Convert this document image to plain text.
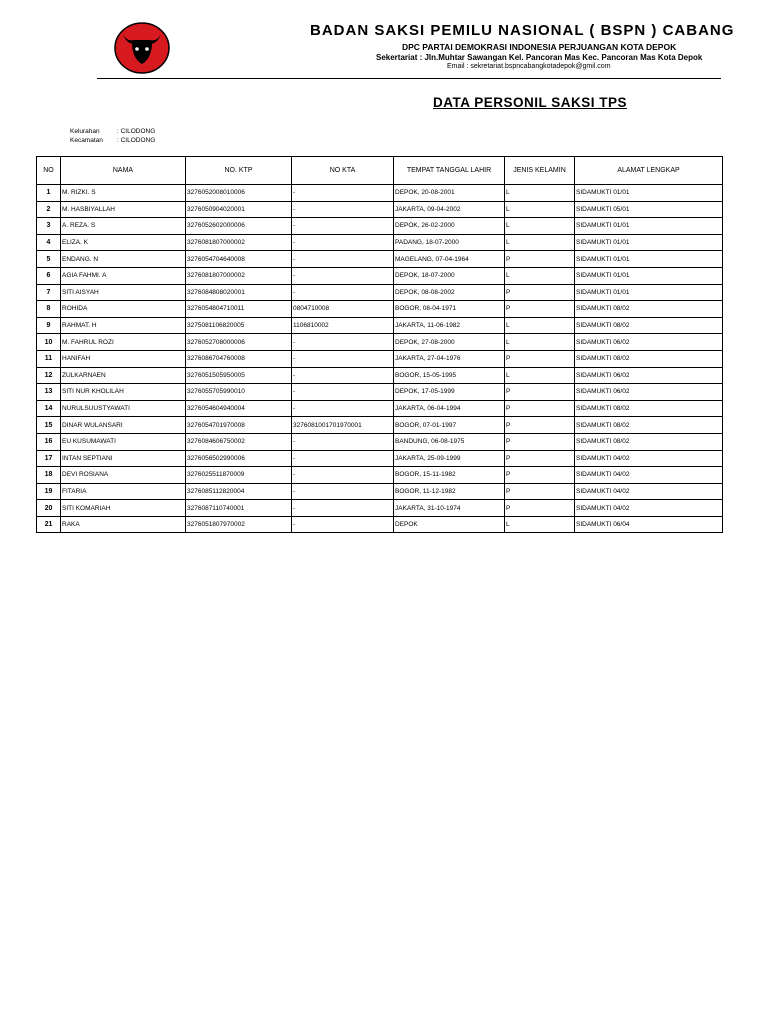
BADAN SAKSI PEMILU NASIONAL ( BSPN ) CABANG
DPC PARTAI DEMOKRASI INDONESIA PERJUANGAN KOTA DEPOK
Sekertariat : Jln.Muhtar Sawangan Kel. Pancoran Mas Kec. Pancoran Mas Kota Depok
Email : sekretariat.bspncabangkotadepok@gmil.com
DATA PERSONIL SAKSI TPS
Kelurahan	: CILODONG
Kecamatan : CILODONG
NO	NAMA	NO. KTP	NO KTA	TEMPAT TANGGAL LAHIR	JENIS KELAMIN	ALAMAT LENGKAP
1	M. RIZKI. S	3276052008010006	-	DEPOK, 20-08-2001	L	SIDAMUKTI 01/01
2	M. HASBIYALLAH	3276050904020001	-	JAKARTA, 09-04-2002	L	SIDAMUKTI 05/01
3	A. REZA. S	3276052602000006	-	DEPOK, 26-02-2000	L	SIDAMUKTI 01/01
4	ELIZA. K	3276081807000002	-	PADANG, 18-07-2000	L	SIDAMUKTI 01/01
5	ENDANG. N	3276054704640008	-	MAGELANG, 07-04-1964	P	SIDAMUKTI 01/01
6	AGIA FAHMI. A	3276081807000002	-	DEPOK, 18-07-2000	L	SIDAMUKTI 01/01
7	SITI AISYAH	3276084808020001	-	DEPOK, 08-08-2002	P	SIDAMUKTI 01/01
8	ROHIDA	3276054804710011	0804710008	BOGOR, 08-04-1971	P	SIDAMUKTI 08/02
9	RAHMAT. H	3275081106820005	1106810002	JAKARTA, 11-06-1982	L	SIDAMUKTI 08/02
10	M. FAHRUL ROZI	3276052708000006	-	DEPOK, 27-08-2000	L	SIDAMUKTI 06/02
11	HANIFAH	3276086704760008	-	JAKARTA, 27-04-1976	P	SIDAMUKTI 08/02
12	ZULKARNAEN	3276051505950005	-	BOGOR, 15-05-1995	L	SIDAMUKTI 06/02
13	SITI NUR KHOLILAH	3276055705990010	-	DEPOK, 17-05-1999	P	SIDAMUKTI 06/02
14	NURULSUUSTYAWATI	3276054604940004	-	JAKARTA, 06-04-1994	P	SIDAMUKTI 08/02
15	DINAR WULANSARI	3276054701970008	3276081001701970001	BOGOR, 07-01-1997	P	SIDAMUKTI 08/02
16	EU KUSUMAWATI	3276084606750002	-	BANDUNG, 06-08-1975	P	SIDAMUKTI 08/02
17	INTAN SEPTIANI	3276056502990006	-	JAKARTA, 25-09-1999	P	SIDAMUKTI 04/02
18	DEVI ROSIANA	3276025511870009	-	BOGOR, 15-11-1982	P	SIDAMUKTI 04/02
19	FITARIA	3276085112820004	-	BOGOR, 11-12-1982	P	SIDAMUKTI 04/02
20	SITI KOMARIAH	3276087110740001	-	JAKARTA, 31-10-1974	P	SIDAMUKTI 04/02
21	RAKA	3276051807970002	-	DEPOK	L	SIDAMUKTI 06/04
